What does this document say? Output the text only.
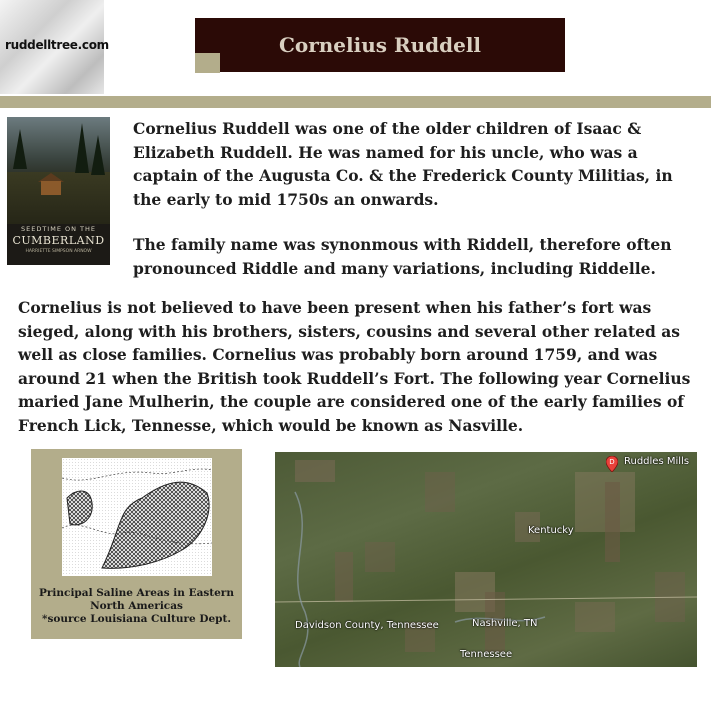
ruddelltree.com	Cornelius Ruddell
SEEDTIME ON THE
CUMBERLAND
HARRIETTE SIMPSON ARNOW

Cornelius Ruddell was one of the older children of Isaac & Elizabeth Ruddell. He was named for his uncle, who was a captain of the Augusta Co. & the Frederick County Militias, in the early to mid 1750s an onwards.

The family name was synonmous with Riddell, therefore often pronounced Riddle and many variations, including Riddelle.

Cornelius is not believed to have been present when his father’s fort was sieged, along with his brothers, sisters, cousins and several other related as well as close families. Cornelius was probably born around 1759, and was around 21 when the British took Ruddell’s Fort. The following year Cornelius maried Jane Mulherin, the couple are considered one of the early families of French Lick, Tennesse, which would be known as Nasville.

Principal Saline Areas in Eastern
North Americas
*source Louisiana Culture Dept.
D Ruddles Mills
Kentucky
Davidson County, Tennessee	Nashville, TN
Tennessee
